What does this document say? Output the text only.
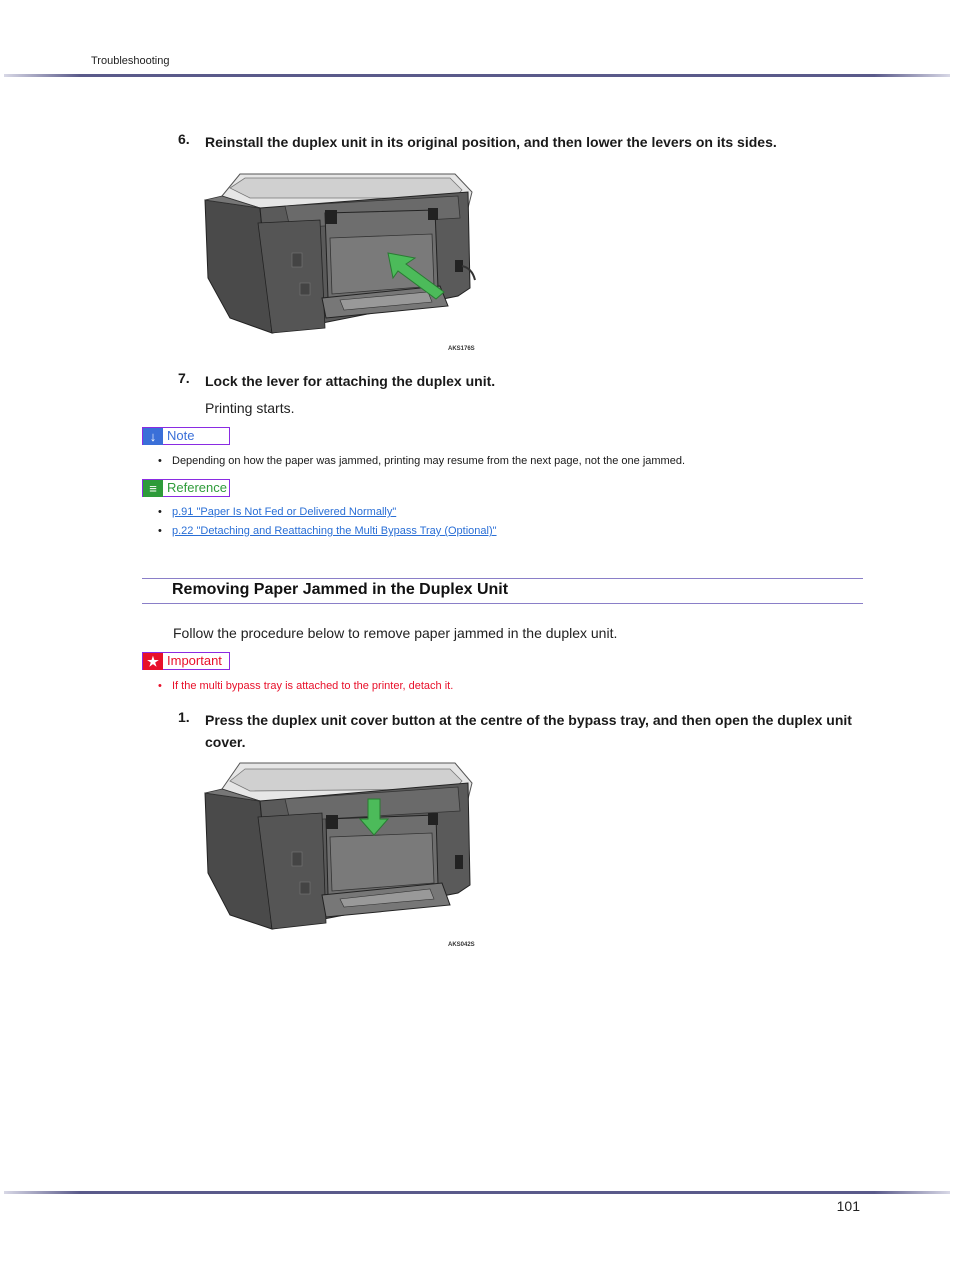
Troubleshooting
6. Reinstall the duplex unit in its original position, and then lower the levers on its sides.
AKS176S
7. Lock the lever for attaching the duplex unit.
Printing starts.
↓ Note
• Depending on how the paper was jammed, printing may resume from the next page, not the one jammed.
≡ Reference
• p.91 "Paper Is Not Fed or Delivered Normally"
• p.22 "Detaching and Reattaching the Multi Bypass Tray (Optional)"
Removing Paper Jammed in the Duplex Unit
Follow the procedure below to remove paper jammed in the duplex unit.
★ Important
• If the multi bypass tray is attached to the printer, detach it.
1. Press the duplex unit cover button at the centre of the bypass tray, and then open the duplex unit
cover.
AKS042S
101
